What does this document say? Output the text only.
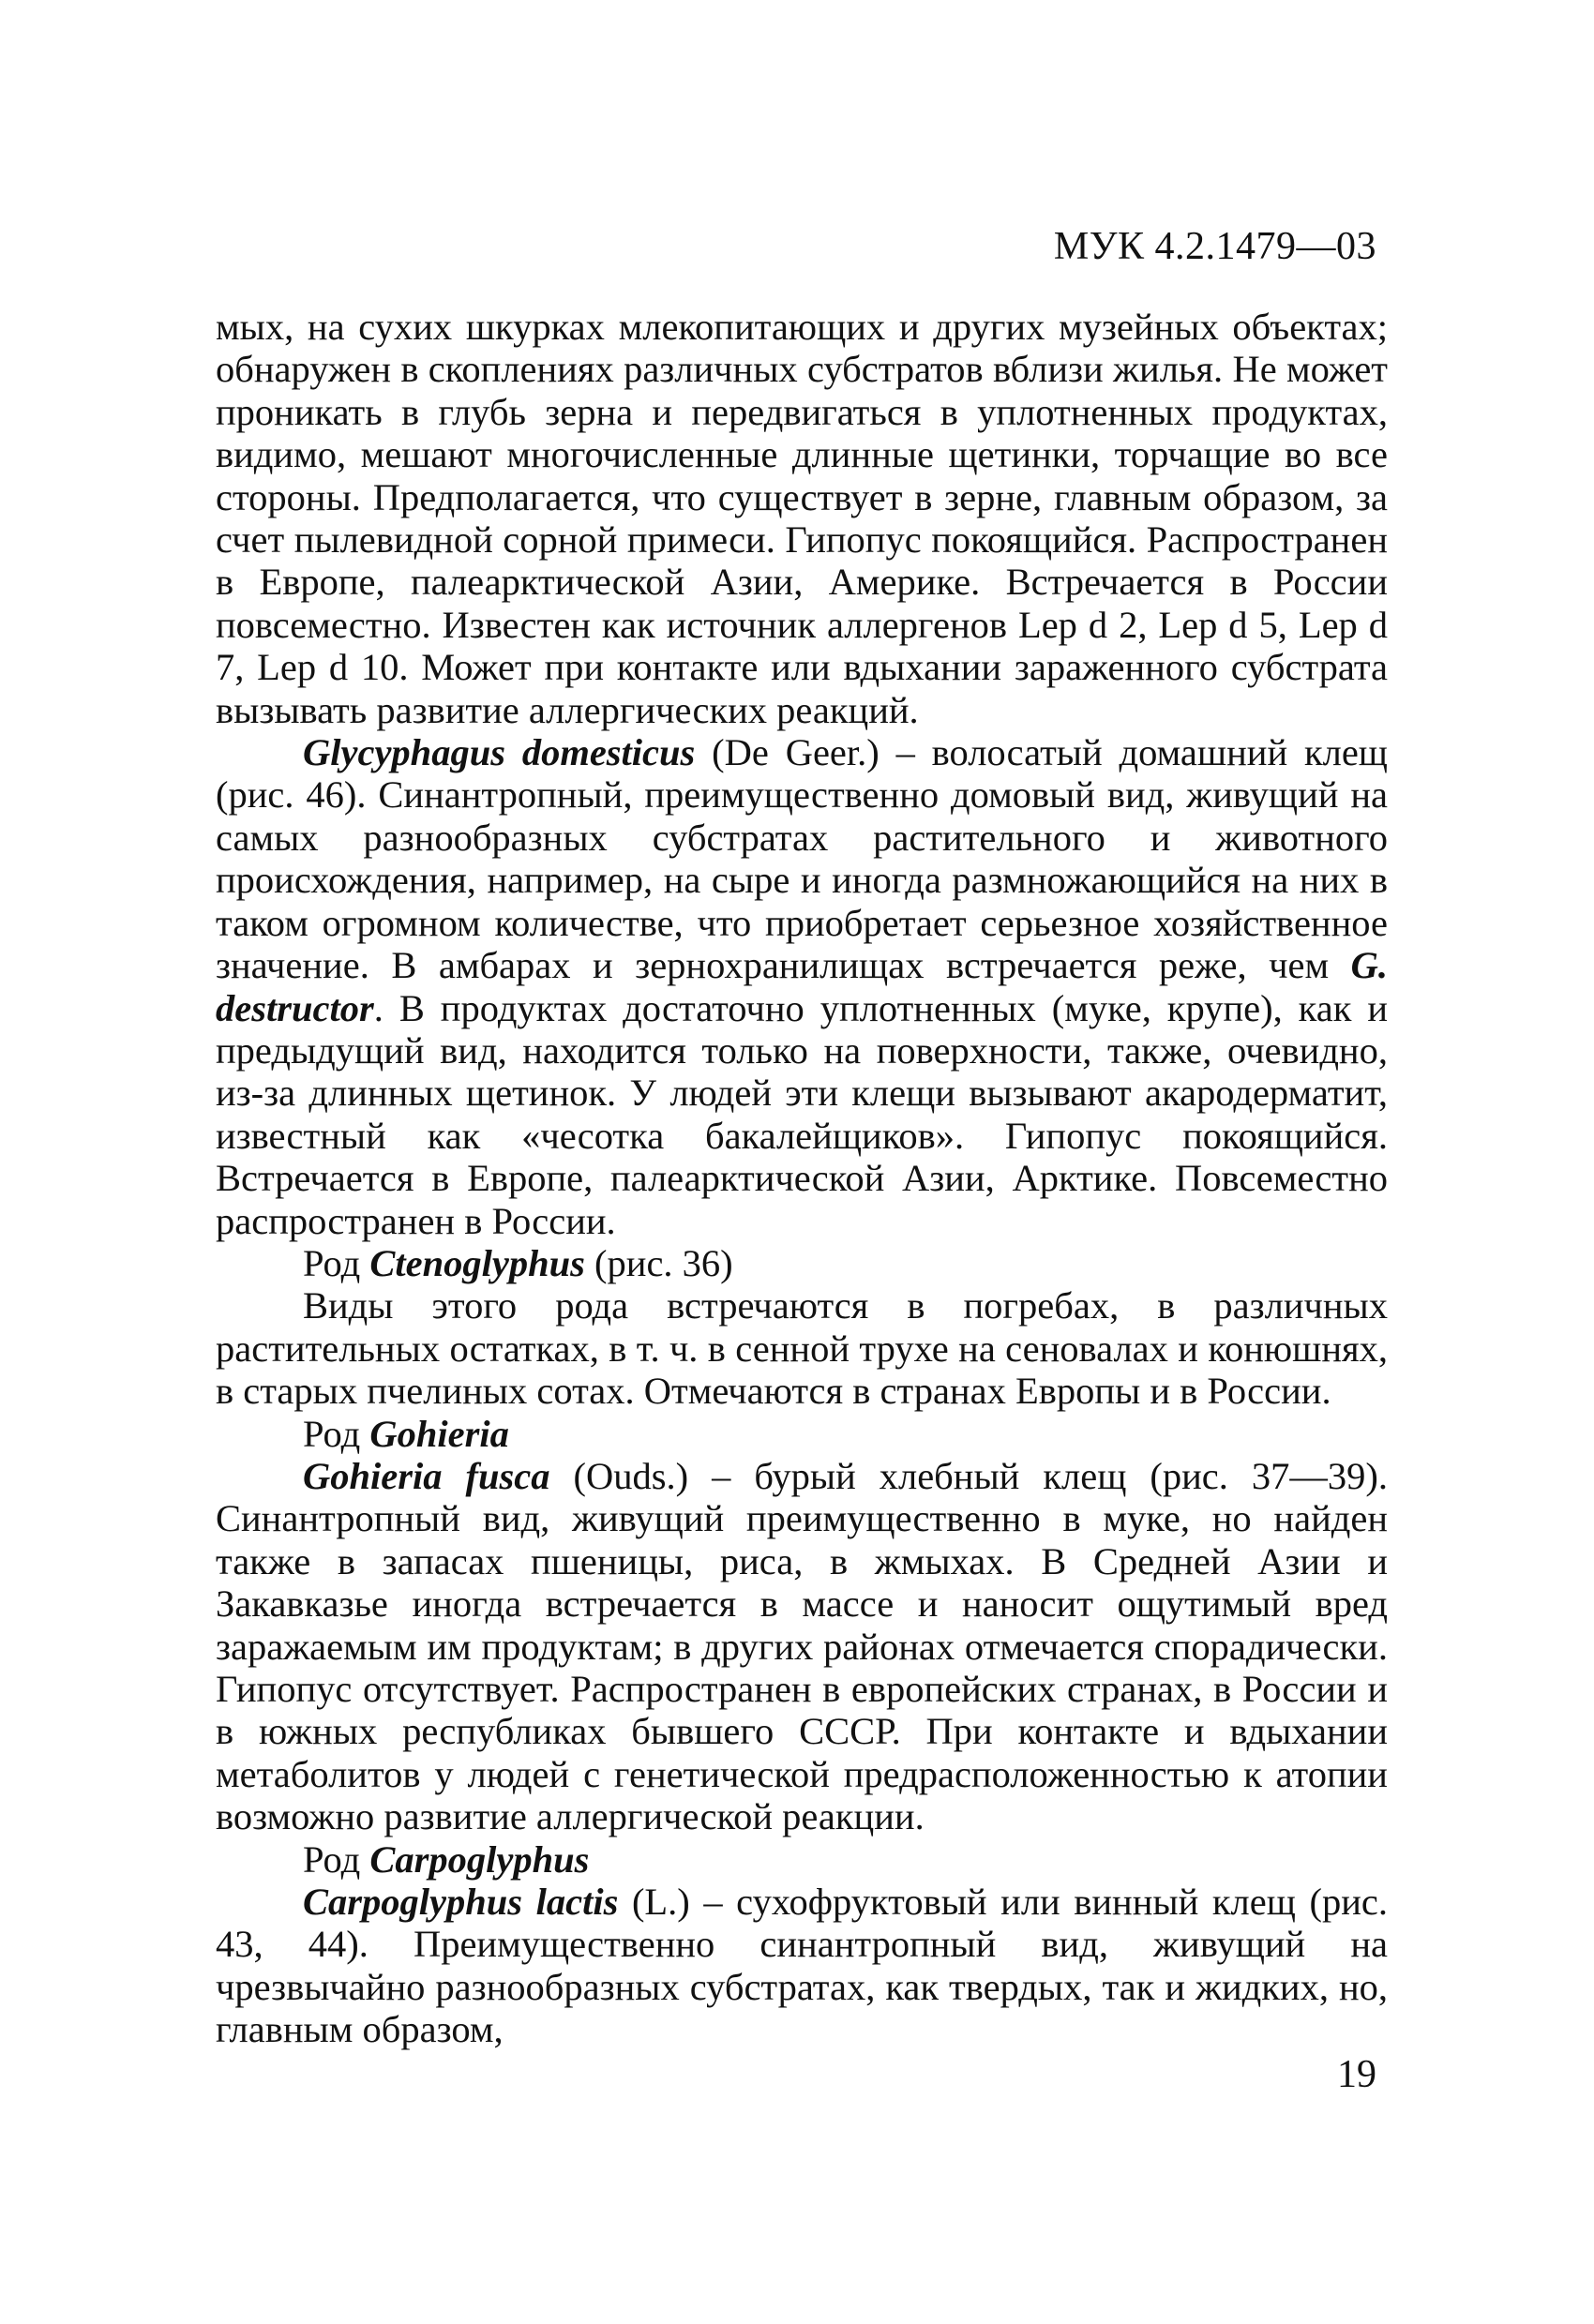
МУК 4.2.1479—03

мых, на сухих шкурках млекопитающих и других музейных объектах; обнаружен в скоплениях различных субстратов вблизи жилья. Не может проникать в глубь зерна и передвигаться в уплотненных продуктах, видимо, мешают многочисленные длинные щетинки, торчащие во все стороны. Предполагается, что существует в зерне, главным образом, за счет пылевидной сорной примеси. Гипопус покоящийся. Распространен в Европе, палеарктической Азии, Америке. Встречается в России повсеместно. Известен как источник аллергенов Lep d 2, Lep d 5, Lep d 7, Lep d 10. Может при контакте или вдыхании зараженного субстрата вызывать развитие аллергических реакций.

Glycyphagus domesticus (De Geer.) – волосатый домашний клещ (рис. 46). Синантропный, преимущественно домовый вид, живущий на самых разнообразных субстратах растительного и животного происхождения, например, на сыре и иногда размножающийся на них в таком огромном количестве, что приобретает серьезное хозяйственное значение. В амбарах и зернохранилищах встречается реже, чем G. destructor. В продуктах достаточно уплотненных (муке, крупе), как и предыдущий вид, находится только на поверхности, также, очевидно, из-за длинных щетинок. У людей эти клещи вызывают акародерматит, известный как «чесотка бакалейщиков». Гипопус покоящийся. Встречается в Европе, палеарктической Азии, Арктике. Повсеместно распространен в России.

Род Ctenoglyphus (рис. 36)

Виды этого рода встречаются в погребах, в различных растительных остатках, в т. ч. в сенной трухе на сеновалах и конюшнях, в старых пчелиных сотах. Отмечаются в странах Европы и в России.

Род Gohieria

Gohieria fusca (Ouds.) – бурый хлебный клещ (рис. 37—39). Синантропный вид, живущий преимущественно в муке, но найден также в запасах пшеницы, риса, в жмыхах. В Средней Азии и Закавказье иногда встречается в массе и наносит ощутимый вред заражаемым им продуктам; в других районах отмечается спорадически. Гипопус отсутствует. Распространен в европейских странах, в России и в южных республиках бывшего СССР. При контакте и вдыхании метаболитов у людей с генетической предрасположенностью к атопии возможно развитие аллергической реакции.

Род Carpoglyphus

Carpoglyphus lactis (L.) – сухофруктовый или винный клещ (рис. 43, 44). Преимущественно синантропный вид, живущий на чрезвычайно разнообразных субстратах, как твердых, так и жидких, но, главным образом,

19
